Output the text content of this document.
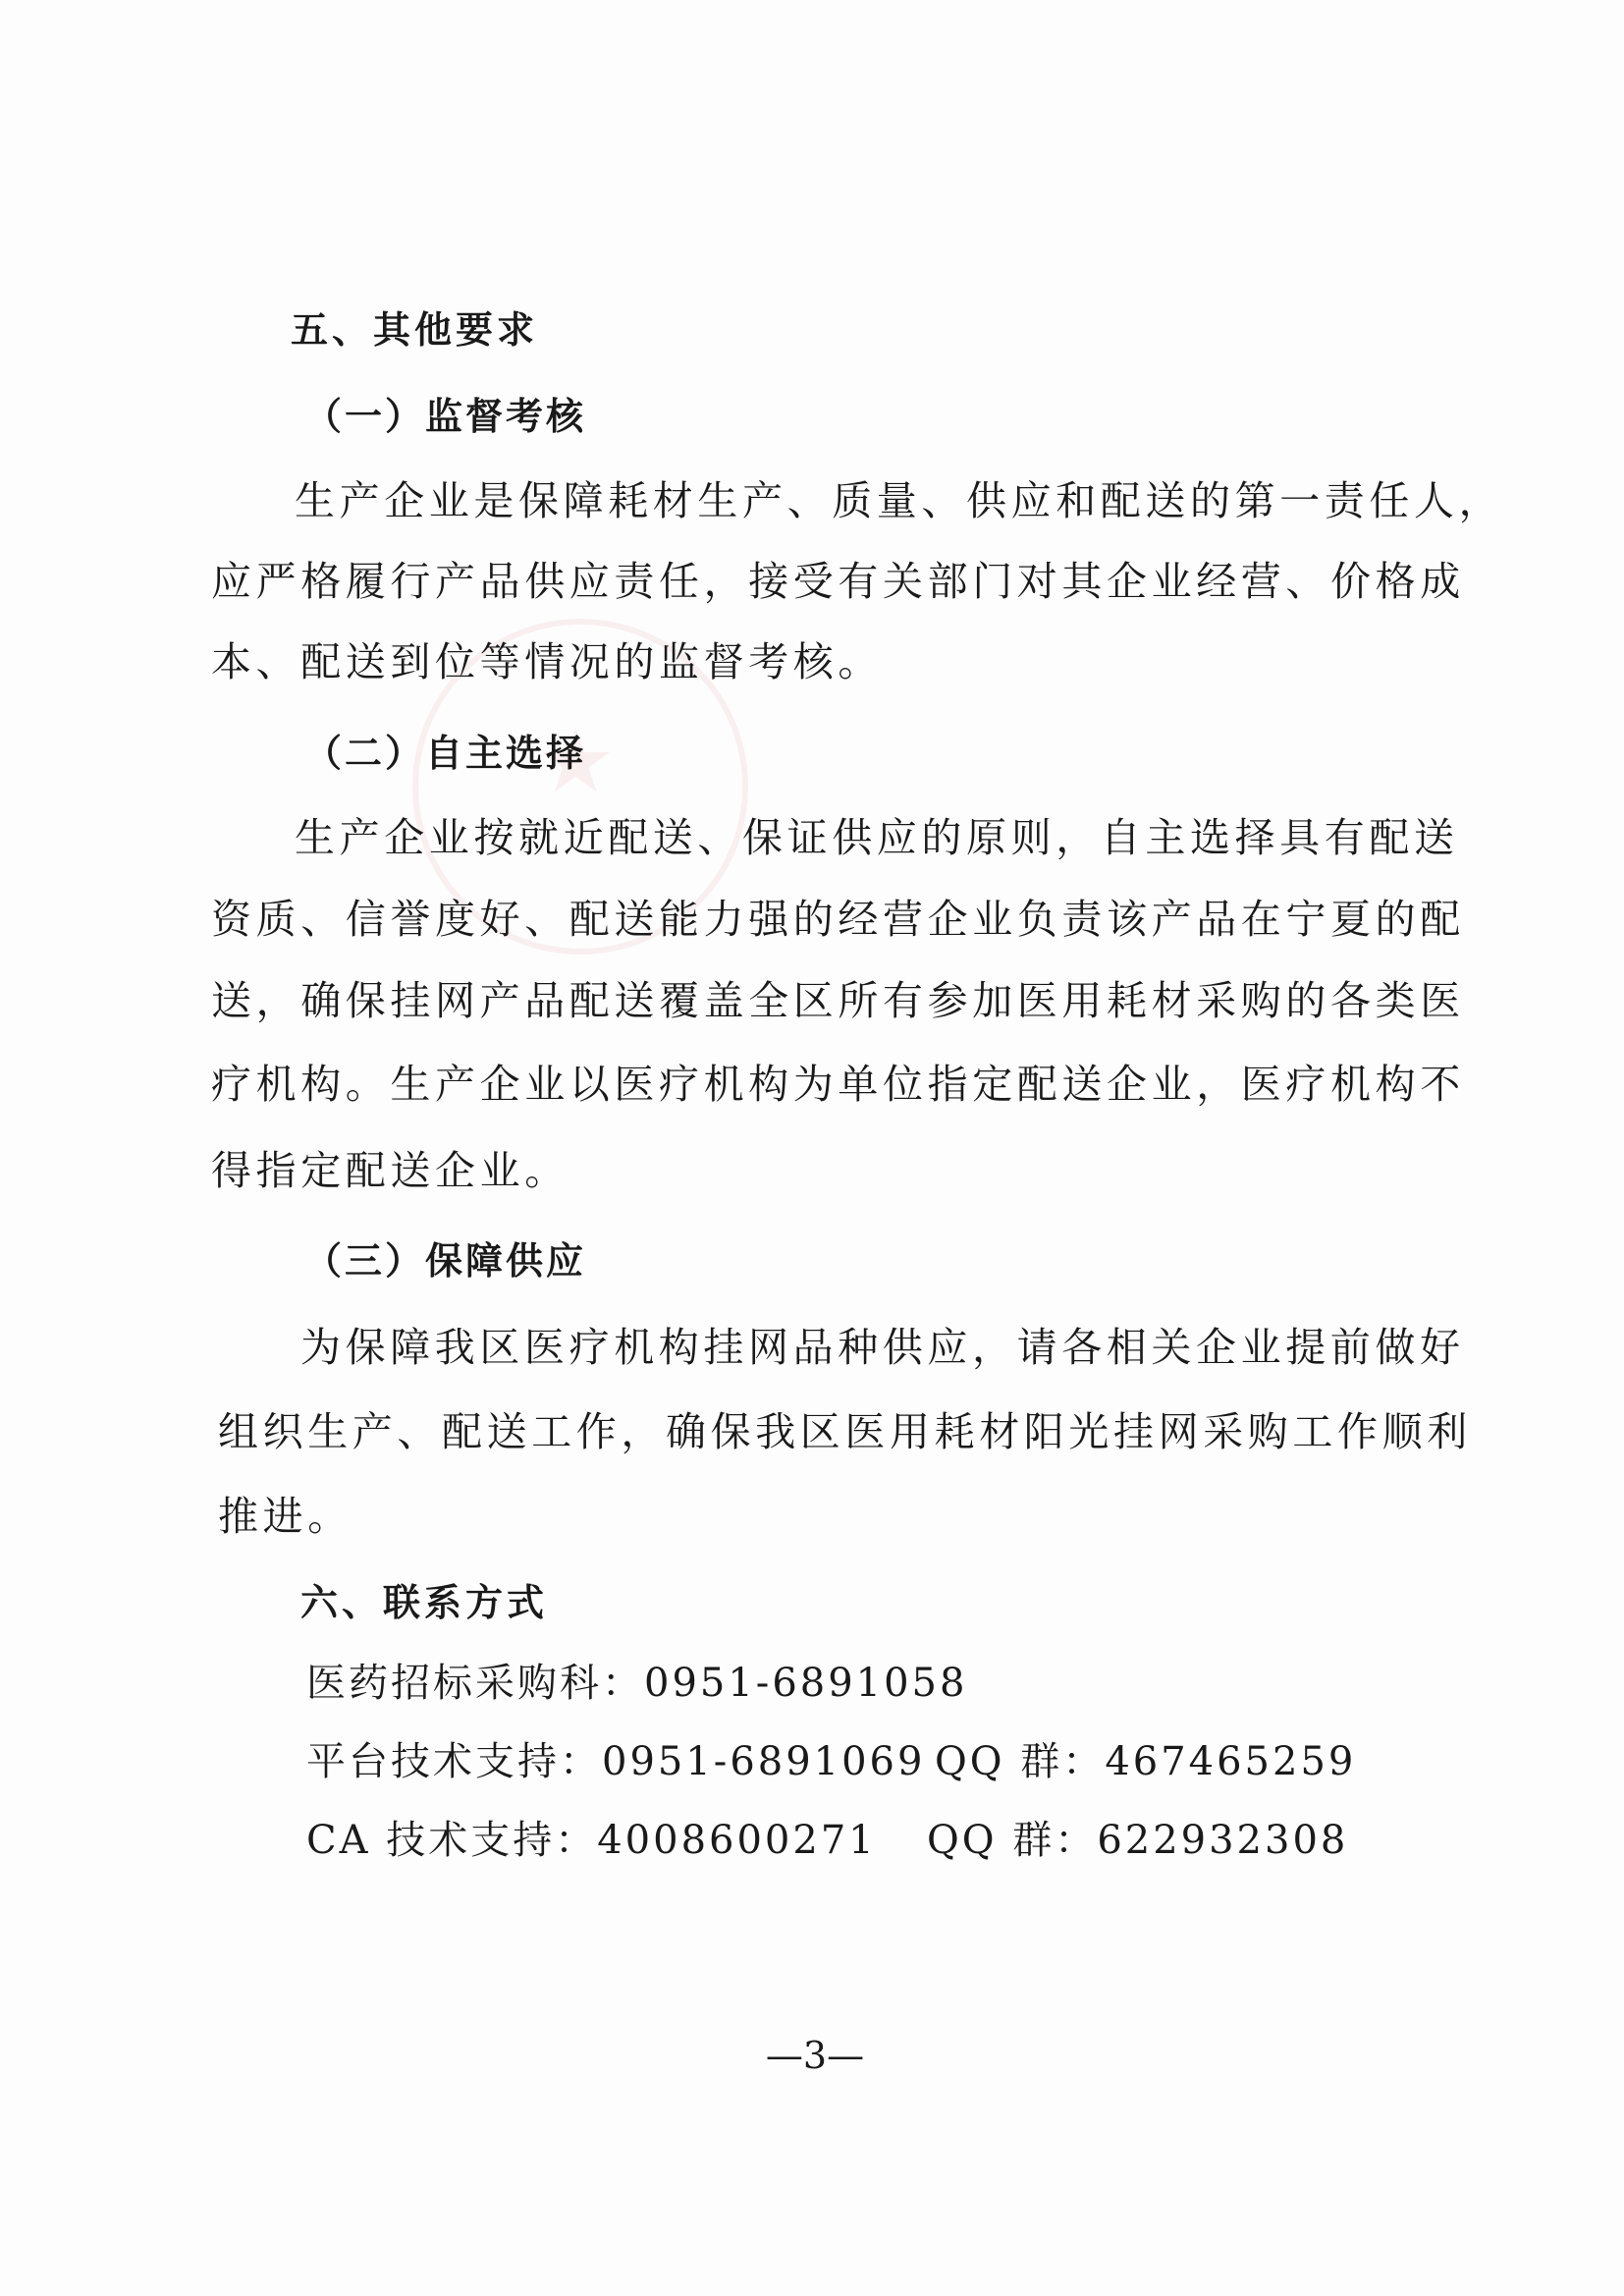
★
五、其他要求
（一）监督考核
生产企业是保障耗材生产、质量、供应和配送的第一责任人，
应严格履行产品供应责任，接受有关部门对其企业经营、价格成
本、配送到位等情况的监督考核。
（二）自主选择
生产企业按就近配送、保证供应的原则，自主选择具有配送
资质、信誉度好、配送能力强的经营企业负责该产品在宁夏的配
送，确保挂网产品配送覆盖全区所有参加医用耗材采购的各类医
疗机构。生产企业以医疗机构为单位指定配送企业，医疗机构不
得指定配送企业。
（三）保障供应
为保障我区医疗机构挂网品种供应，请各相关企业提前做好
组织生产、配送工作，确保我区医用耗材阳光挂网采购工作顺利
推进。
六、联系方式
医药招标采购科：0951-6891058
平台技术支持：0951-6891069 QQ 群：467465259
CA 技术支持：4008600271 QQ 群：622932308
—3—
